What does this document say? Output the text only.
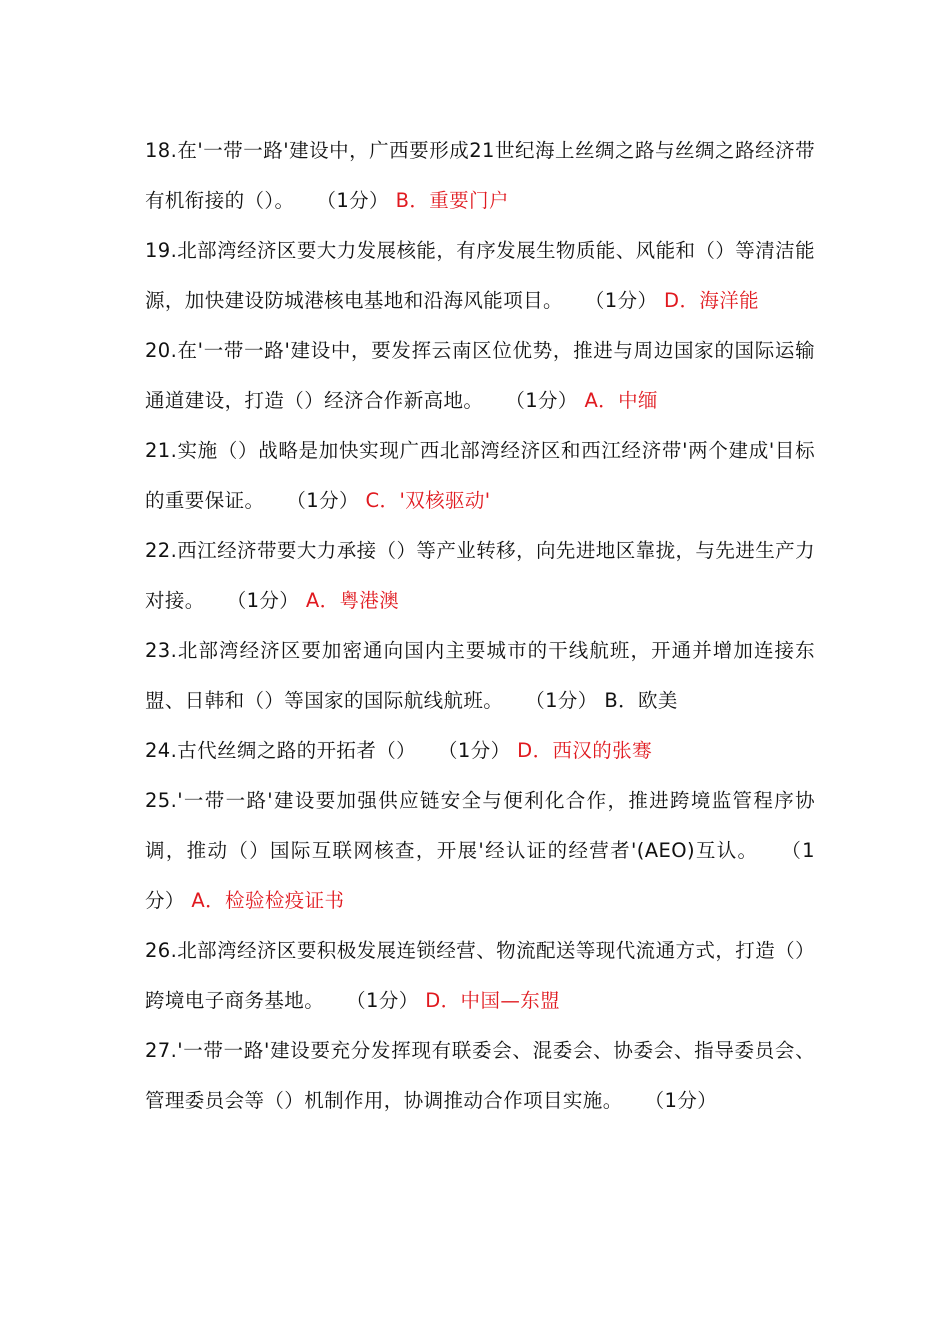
18.在'一带一路'建设中，广西要形成21世纪海上丝绸之路与丝绸之路经济带有机衔接的（）。 （1分） B．重要门户

19.北部湾经济区要大力发展核能，有序发展生物质能、风能和（）等清洁能源，加快建设防城港核电基地和沿海风能项目。 （1分） D．海洋能

20.在'一带一路'建设中，要发挥云南区位优势，推进与周边国家的国际运输通道建设，打造（）经济合作新高地。 （1分） A．中缅

21.实施（）战略是加快实现广西北部湾经济区和西江经济带'两个建成'目标的重要保证。 （1分） C．'双核驱动'

22.西江经济带要大力承接（）等产业转移，向先进地区靠拢，与先进生产力对接。 （1分） A．粤港澳

23.北部湾经济区要加密通向国内主要城市的干线航班，开通并增加连接东盟、日韩和（）等国家的国际航线航班。 （1分） B．欧美

24.古代丝绸之路的开拓者（） （1分） D．西汉的张骞

25.'一带一路'建设要加强供应链安全与便利化合作，推进跨境监管程序协调，推动（）国际互联网核查，开展'经认证的经营者'(AEO)互认。 （1分） A．检验检疫证书

26.北部湾经济区要积极发展连锁经营、物流配送等现代流通方式，打造（）跨境电子商务基地。 （1分） D．中国—东盟

27.'一带一路'建设要充分发挥现有联委会、混委会、协委会、指导委员会、管理委员会等（）机制作用，协调推动合作项目实施。 （1分）
